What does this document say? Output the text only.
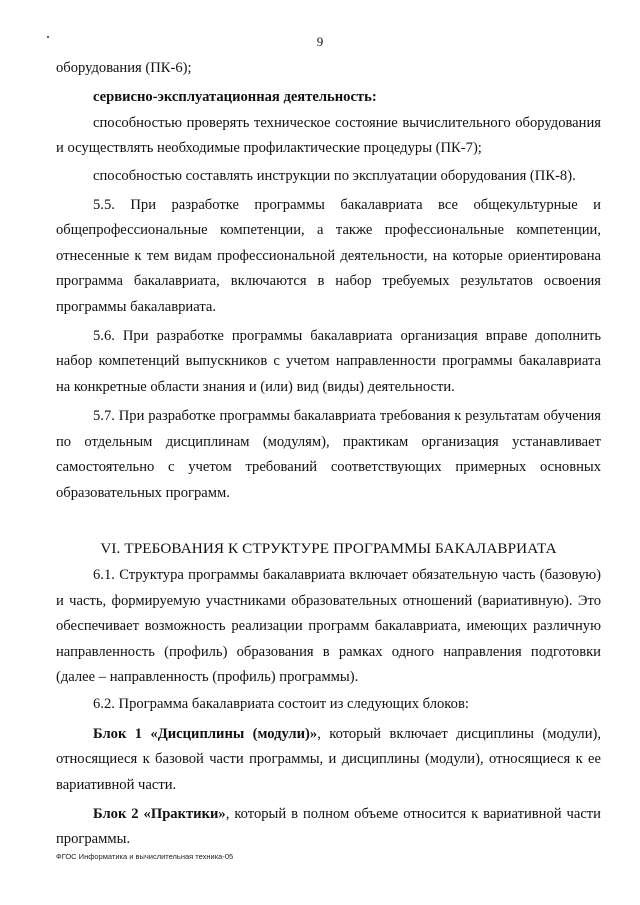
9

оборудования (ПК-6);

сервисно-эксплуатационная деятельность:

способностью проверять техническое состояние вычислительного оборудования и осуществлять необходимые профилактические процедуры (ПК-7);

способностью составлять инструкции по эксплуатации оборудования (ПК-8).

5.5. При разработке программы бакалавриата все общекультурные и общепрофессиональные компетенции, а также профессиональные компетенции, отнесенные к тем видам профессиональной деятельности, на которые ориентирована программа бакалавриата, включаются в набор требуемых результатов освоения программы бакалавриата.

5.6. При разработке программы бакалавриата организация вправе дополнить набор компетенций выпускников с учетом направленности программы бакалавриата на конкретные области знания и (или) вид (виды) деятельности.

5.7. При разработке программы бакалавриата требования к результатам обучения по отдельным дисциплинам (модулям), практикам организация устанавливает самостоятельно с учетом требований соответствующих примерных основных образовательных программ.

VI. ТРЕБОВАНИЯ К СТРУКТУРЕ ПРОГРАММЫ БАКАЛАВРИАТА

6.1. Структура программы бакалавриата включает обязательную часть (базовую) и часть, формируемую участниками образовательных отношений (вариативную). Это обеспечивает возможность реализации программ бакалавриата, имеющих различную направленность (профиль) образования в рамках одного направления подготовки (далее – направленность (профиль) программы).

6.2. Программа бакалавриата состоит из следующих блоков:

Блок 1 «Дисциплины (модули)», который включает дисциплины (модули), относящиеся к базовой части программы, и дисциплины (модули), относящиеся к ее вариативной части.

Блок 2 «Практики», который в полном объеме относится к вариативной части программы.

ФГОС Информатика и вычислительная техника-05
